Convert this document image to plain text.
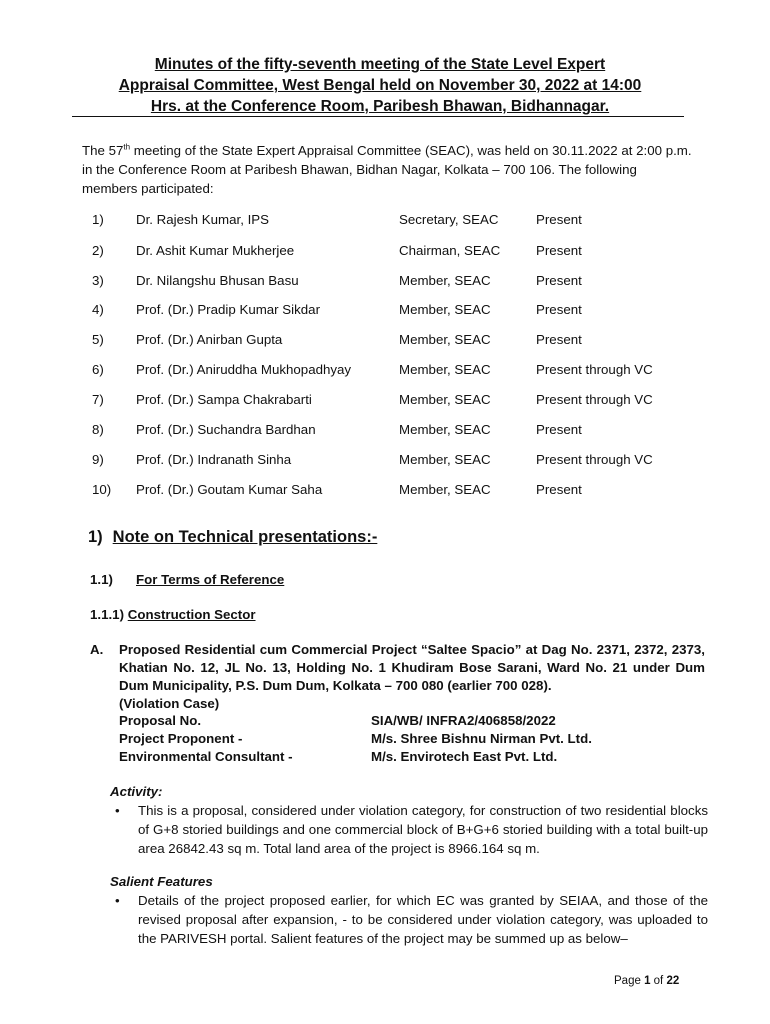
Minutes of the fifty-seventh meeting of the State Level Expert
Appraisal Committee, West Bengal held on November 30, 2022 at 14:00
Hrs. at the Conference Room, Paribesh Bhawan, Bidhannagar.
The 57th meeting of the State Expert Appraisal Committee (SEAC), was held on 30.11.2022 at 2:00 p.m. in the Conference Room at Paribesh Bhawan, Bidhan Nagar, Kolkata – 700 106. The following members participated:
1) Dr. Rajesh Kumar, IPS	Secretary, SEAC	Present
2) Dr. Ashit Kumar Mukherjee	Chairman, SEAC	Present
3) Dr. Nilangshu Bhusan Basu	Member, SEAC	Present
4) Prof. (Dr.) Pradip Kumar Sikdar	Member, SEAC	Present
5) Prof. (Dr.) Anirban Gupta	Member, SEAC	Present
6) Prof. (Dr.) Aniruddha Mukhopadhyay	Member, SEAC	Present through VC
7) Prof. (Dr.) Sampa Chakrabarti	Member, SEAC	Present through VC
8) Prof. (Dr.) Suchandra Bardhan	Member, SEAC	Present
9) Prof. (Dr.) Indranath Sinha	Member, SEAC	Present through VC
10) Prof. (Dr.) Goutam Kumar Saha	Member, SEAC	Present
1) Note on Technical presentations:-
1.1) For Terms of Reference
1.1.1) Construction Sector
A. Proposed Residential cum Commercial Project “Saltee Spacio” at Dag No. 2371, 2372, 2373, Khatian No. 12, JL No. 13, Holding No. 1 Khudiram Bose Sarani, Ward No. 21 under Dum Dum Municipality, P.S. Dum Dum, Kolkata – 700 080 (earlier 700 028).
(Violation Case)
Proposal No.	SIA/WB/ INFRA2/406858/2022
Project Proponent -	M/s. Shree Bishnu Nirman Pvt. Ltd.
Environmental Consultant -	M/s. Envirotech East Pvt. Ltd.
Activity:
• This is a proposal, considered under violation category, for construction of two residential blocks of G+8 storied buildings and one commercial block of B+G+6 storied building with a total built-up area 26842.43 sq m. Total land area of the project is 8966.164 sq m.
Salient Features
• Details of the project proposed earlier, for which EC was granted by SEIAA, and those of the revised proposal after expansion, - to be considered under violation category, was uploaded to the PARIVESH portal. Salient features of the project may be summed up as below–
Page 1 of 22
